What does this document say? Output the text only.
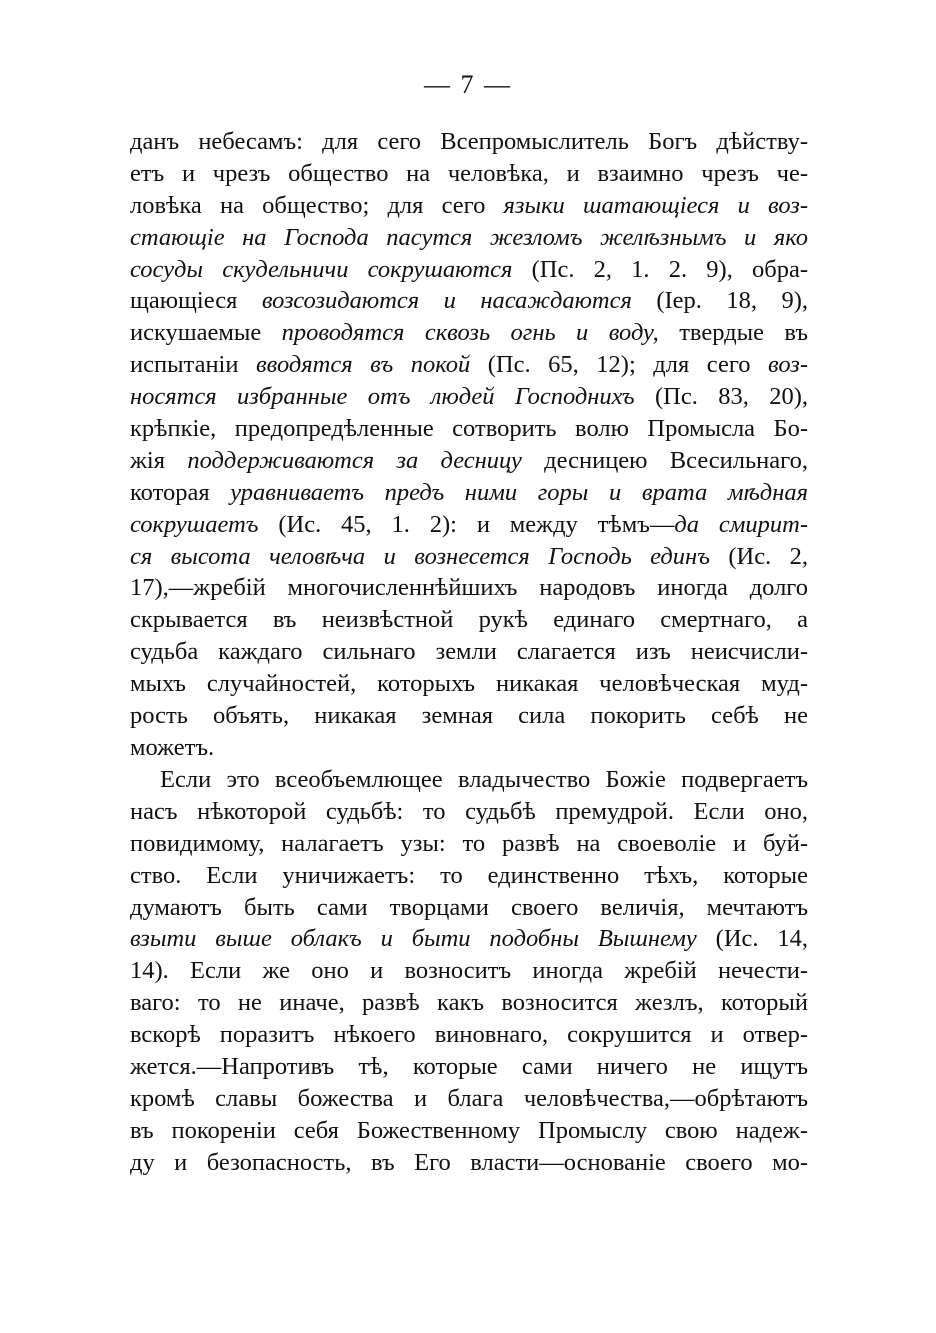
— 7 —
данъ небесамъ: для сего Всепромыслитель Богъ дѣйству-
етъ и чрезъ общество на человѣка, и взаимно чрезъ че-
ловѣка на общество; для сего языки шатающіеся и воз-
стающіе на Господа пасутся жезломъ желѣзнымъ и яко
сосуды скудельничи сокрушаются (Пс. 2, 1. 2. 9), обра-
щающіеся возсозидаются и насаждаются (Іер. 18, 9),
искушаемые проводятся сквозь огнь и воду, твердые въ
испытаніи вводятся въ покой (Пс. 65, 12); для сего воз-
носятся избранные отъ людей Господнихъ (Пс. 83, 20),
крѣпкіе, предопредѣленные сотворить волю Промысла Бо-
жія поддерживаются за десницу десницею Всесильнаго,
которая уравниваетъ предъ ними горы и врата мѣдная
сокрушаетъ (Ис. 45, 1. 2): и между тѣмъ—да смирит-
ся высота человѣча и вознесется Господь единъ (Ис. 2,
17),—жребій многочисленнѣйшихъ народовъ иногда долго
скрывается въ неизвѣстной рукѣ единаго смертнаго, а
судьба каждаго сильнаго земли слагается изъ неисчисли-
мыхъ случайностей, которыхъ никакая человѣческая муд-
рость объять, никакая земная сила покорить себѣ не
можетъ.
Если это всеобъемлющее владычество Божіе подвергаетъ
насъ нѣкоторой судьбѣ: то судьбѣ премудрой. Если оно,
повидимому, налагаетъ узы: то развѣ на своеволіе и буй-
ство. Если уничижаетъ: то единственно тѣхъ, которые
думаютъ быть сами творцами своего величія, мечтаютъ
взыти выше облакъ и быти подобны Вышнему (Ис. 14,
14). Если же оно и возноситъ иногда жребій нечести-
ваго: то не иначе, развѣ какъ возносится жезлъ, который
вскорѣ поразитъ нѣкоего виновнаго, сокрушится и отвер-
жется.—Напротивъ тѣ, которые сами ничего не ищутъ
кромѣ славы божества и блага человѣчества,—обрѣтаютъ
въ покореніи себя Божественному Промыслу свою надеж-
ду и безопасность, въ Его власти—основаніе своего мо-
